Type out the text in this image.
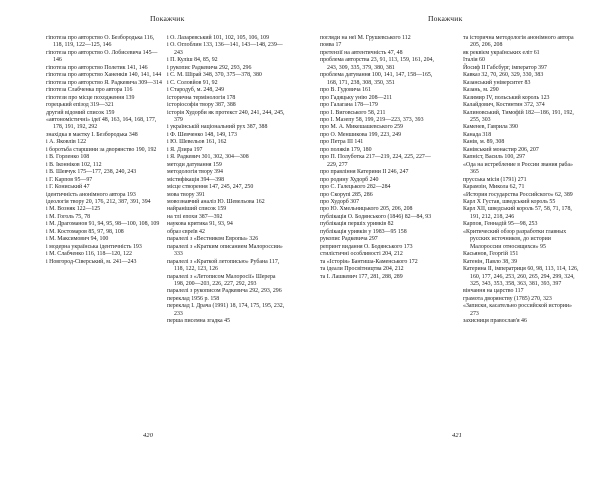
Покажчик
гіпотеза про авторство О. Безбородька 116, 118, 119, 122—125, 146
гіпотеза про авторство О. Лобисевича 145—146
гіпотеза про авторство Полетик 141, 146
гіпотеза про авторство Ханенків 140, 141, 144
гіпотеза про авторство Я. Радкевича 309—314
гіпотеза Слабченка про автора 116
гіпотези про місце походження 139
горецький епізод 319—321
другий відомий список 159
«автономістичні» ідеї 48, 163, 164, 168, 177, 178, 191, 192, 292
знахідка в маєтку І. Безбородька 348
і А. Яковлів 122
і боротьба старшини за дворянство 190, 192
і В. Горленко 108
і В. Іконніков 102, 112
і В. Шевчук 175—177, 238, 240, 243
і Г. Карпов 95—97
і Г. Кониський 47
ідентичність анонімного автора 193
ідеологія твору 20, 176, 212, 387, 391, 394
і М. Возняк 122—125
і М. Гоголь 75, 78
і М. Драгоманов 91, 94, 95, 98—100, 108, 109
і М. Костомаров 85, 97, 98, 108
і М. Максимович 94, 100
і модерна українська ідентичність 193
і М. Слабченко 116, 118—120, 122
і Новгород-Сіверський, м. 241—243
і О. Лазаревський 101, 102, 105, 106, 109
і О. Оглоблин 133, 136—141, 143—148, 239—243
і П. Куліш 84, 85, 92
і рукопис Радкевича 292, 293, 296
і С. М. Шірай 348, 370, 375—378, 380
і С. Соловйов 91, 92
і Стародуб, м. 248, 249
історична термінологія 178
історіософія твору 387, 388
історія Худорби як протекст 240, 241, 244, 245, 379
і українській національний рух 387, 388
і Ф. Шевченко 148, 149, 173
і Ю. Шевельов 161, 162
і Я. Дзира 197
і Я. Радкевич 301, 302, 304—308
методи датування 159
методологія твору 394
містифікація 394—398
місце створення 147, 245, 247, 250
мова твору 391
мовознавчий аналіз Ю. Шевельова 162
найраніший список 159
на тлі епохи 387—392
наукова критика 91, 93, 94
образ євреїв 42
паралелі з «Вестником Европы» 326
паралелі з «Кратким описанием Малороссии» 333
паралелі з «Краткой летописью» Рубана 117, 118, 122, 123, 126
паралелі з «Летописом Малоросії» Шерера 198, 200—203, 226, 227, 292, 293
паралелі з рукописом Радкевича 292, 293, 296
переклад 1956 р. 158
переклад І. Драча (1991) 18, 174, 175, 195, 232, 233
перша писемна згадка 45
420
Покажчик
погляди на неї М. Грушевського 112
поява 17
претензії на автентичність 47, 48
проблема авторства 23, 91, 113, 159, 161, 204, 243, 309, 335, 379, 380, 381
проблема датування 100, 141, 147, 158—165, 168, 171, 238, 308, 350, 351
про В. Гудовича 161
про Гадяцьку унію 208—211
про Галагана 178—179
про І. Виговського 58, 211
про І. Мазепу 58, 199, 219—223, 373, 393
про М. А. Микешашевського 259
про О. Меншикова 199, 223, 249
про Петра III 141
про поляків 179, 180
про П. Полуботка 217—219, 224, 225, 227—229, 277
про правління Катерини II 246, 247
про родину Худорб 240
про С. Галецького 282—284
про Скорупі 285, 286
про Худорб 307
про Ю. Хмельницького 205, 206, 208
публікація О. Бодянського (1846) 82—84, 93
публікація першіх уривків 82
публікація уривків у 1983—95 158
рукопис Радкевича 297
репринт видання О. Бодянського 173
стилістичні особливості 204, 212
та «Історія» Бантиша-Каменського 172
та ідеали Просвітництва 204, 212
та І. Лашкевич 177, 281, 288, 289
та історична методологія анонімного автора 205, 206, 208
як реквієм українських еліт 61
Італія 60
Йосиф II Габсбург, імператор 397
Кавказ 32, 70, 260, 329, 330, 383
Казанський університет 83
Казань, м. 290
Казимир IV, польський король 123
Калайдович, Костянтин 372, 374
Калиновський, Тимофій 182—186, 191, 192, 255, 303
Каменев, Гаврила 390
Канада 318
Канів, м. 89, 308
Канівський монастир 206, 207
Капніст, Василь 100, 297
«Ода на истребление в России звания раба» 365
прусська місія (1791) 271
Карамзін, Микола 62, 71
«История государства Российского» 62, 389
Карл X Густав, шведський король 55
Карл XII, шведський король 57, 58, 71, 178, 191, 212, 218, 246
Карпов, Геннадій 95—98, 253
«Критический обзор разработки главных русских источников, до истории Малороссии относящихся» 95
Касьянов, Георгій 151
Катенін, Павло 38, 39
Катерина II, імператриця 60, 98, 113, 114, 126, 160, 177, 246, 253, 260, 265, 294, 299, 324, 325, 343, 353, 358, 363, 381, 393, 397
вінчання на царство 117
грамота дворянству (1785) 270, 323
«Записки, касательно российской истории» 273
захисниця православ'я 46
421
